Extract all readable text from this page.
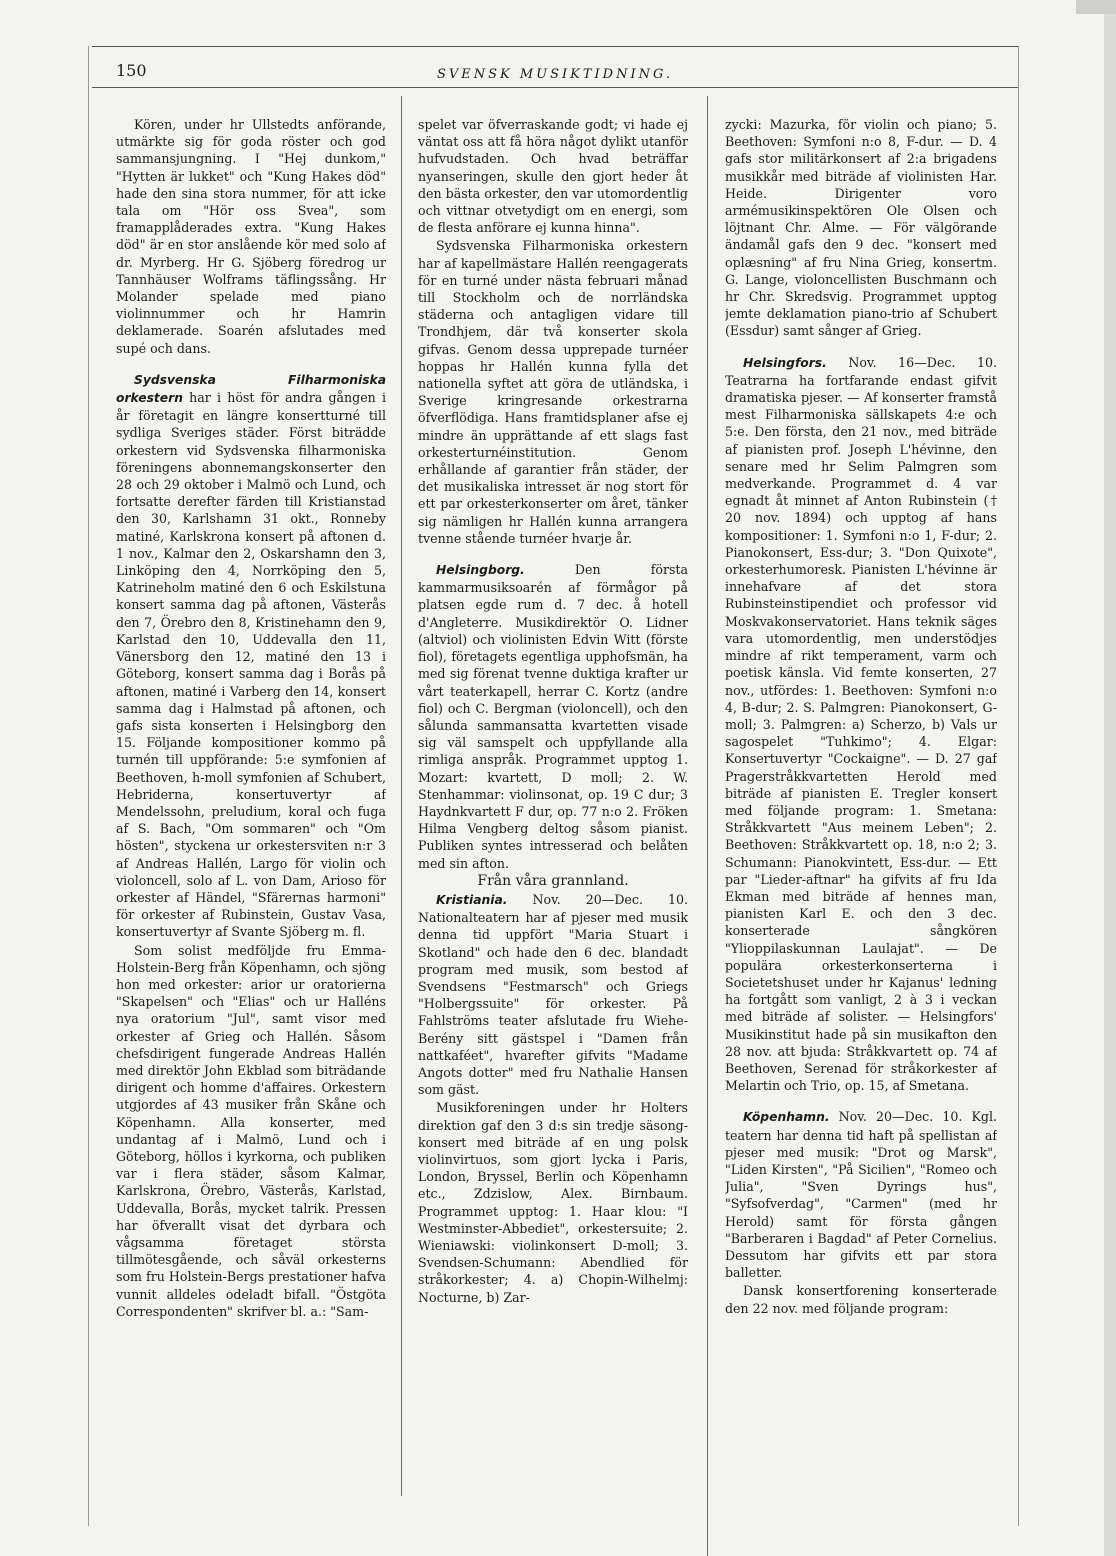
150	SVENSK MUSIKTIDNING.

Kören, under hr Ullstedts anförande, utmärkte sig för goda röster och god sammansjungning. I "Hej dunkom," "Hytten är lukket" och "Kung Hakes död" hade den sina stora nummer, för att icke tala om "Hör oss Svea", som framapplåderades extra. "Kung Hakes död" är en stor anslående kör med solo af dr. Myrberg. Hr G. Sjöberg föredrog ur Tannhäuser Wolframs täflingssång. Hr Molander spelade med piano violinnummer och hr Hamrin deklamerade. Soarén afslutades med supé och dans.

Sydsvenska Filharmoniska orkestern har i höst för andra gången i år företagit en längre konsertturné till sydliga Sveriges städer. Först biträdde orkestern vid Sydsvenska filharmoniska föreningens abonnemangskonserter den 28 och 29 oktober i Malmö och Lund, och fortsatte derefter färden till Kristianstad den 30, Karlshamn 31 okt., Ronneby matiné, Karlskrona konsert på aftonen d. 1 nov., Kalmar den 2, Oskarshamn den 3, Linköping den 4, Norrköping den 5, Katrineholm matiné den 6 och Eskilstuna konsert samma dag på aftonen, Västerås den 7, Örebro den 8, Kristinehamn den 9, Karlstad den 10, Uddevalla den 11, Vänersborg den 12, matiné den 13 i Göteborg, konsert samma dag i Borås på aftonen, matiné i Varberg den 14, konsert samma dag i Halmstad på aftonen, och gafs sista konserten i Helsingborg den 15. Följande kompositioner kommo på turnén till uppförande: 5:e symfonien af Beethoven, h-moll symfonien af Schubert, Hebriderna, konsertuvertyr af Mendelssohn, preludium, koral och fuga af S. Bach, "Om sommaren" och "Om hösten", styckena ur orkestersviten n:r 3 af Andreas Hallén, Largo för violin och violoncell, solo af L. von Dam, Arioso för orkester af Händel, "Sfärernas harmoni" för orkester af Rubinstein, Gustav Vasa, konsertuvertyr af Svante Sjöberg m. fl.

Som solist medföljde fru Emma-Holstein-Berg från Köpenhamn, och sjöng hon med orkester: arior ur oratorierna "Skapelsen" och "Elias" och ur Halléns nya oratorium "Jul", samt visor med orkester af Grieg och Hallén. Såsom chefsdirigent fungerade Andreas Hallén med direktör John Ekblad som biträdande dirigent och homme d'affaires. Orkestern utgjordes af 43 musiker från Skåne och Köpenhamn. Alla konserter, med undantag af i Malmö, Lund och i Göteborg, höllos i kyrkorna, och publiken var i flera städer, såsom Kalmar, Karlskrona, Örebro, Västerås, Karlstad, Uddevalla, Borås, mycket talrik. Pressen har öfverallt visat det dyrbara och vågsamma företaget största tillmötesgående, och såväl orkesterns som fru Holstein-Bergs prestationer hafva vunnit alldeles odeladt bifall. "Östgöta Correspondenten" skrifver bl. a.: "Sam-

spelet var öfverraskande godt; vi hade ej väntat oss att få höra något dylikt utanför hufvudstaden. Och hvad beträffar nyanseringen, skulle den gjort heder åt den bästa orkester, den var utomordentlig och vittnar otvetydigt om en energi, som de flesta anförare ej kunna hinna".

Sydsvenska Filharmoniska orkestern har af kapellmästare Hallén reengagerats för en turné under nästa februari månad till Stockholm och de norrländska städerna och antagligen vidare till Trondhjem, där två konserter skola gifvas. Genom dessa upprepade turnéer hoppas hr Hallén kunna fylla det nationella syftet att göra de utländska, i Sverige kringresande orkestrarna öfverflödiga. Hans framtidsplaner afse ej mindre än upprättande af ett slags fast orkesterturnéinstitution. Genom erhållande af garantier från städer, der det musikaliska intresset är nog stort för ett par orkesterkonserter om året, tänker sig nämligen hr Hallén kunna arrangera tvenne stående turnéer hvarje år.

Helsingborg.	Den första kammarmusiksoarén af förmågor på platsen egde rum d. 7 dec. å hotell d'Angleterre. Musikdirektör O. Lidner (altviol) och violinisten Edvin Witt (förste fiol), företagets egentliga upphofsmän, ha med sig förenat tvenne duktiga krafter ur vårt teaterkapell, herrar C. Kortz (andre fiol) och C. Bergman (violoncell), och den sålunda sammansatta kvartetten visade sig väl samspelt och uppfyllande alla rimliga anspråk. Programmet upptog 1. Mozart: kvartett, D moll; 2. W. Stenhammar: violinsonat, op. 19 C dur; 3 Haydnkvartett F dur, op. 77 n:o 2. Fröken Hilma Vengberg deltog såsom pianist. Publiken syntes intresserad och belåten med sin afton.

Från våra grannland.

Kristiania. Nov. 20—Dec. 10. Nationalteatern har af pjeser med musik denna tid uppfört "Maria Stuart i Skotland" och hade den 6 dec. blandadt program med musik, som bestod af Svendsens "Festmarsch" och Griegs "Holbergssuite" för orkester. På Fahlströms teater afslutade fru Wiehe-Berény sitt gästspel i "Damen från nattkaféet", hvarefter gifvits "Madame Angots dotter" med fru Nathalie Hansen som gäst.

Musikforeningen under hr Holters direktion gaf den 3 d:s sin tredje säsong-konsert med biträde af en ung polsk violinvirtuos, som gjort lycka i Paris, London, Bryssel, Berlin och Köpenhamn etc., Zdzislow, Alex. Birnbaum. Programmet upptog: 1. Haar klou: "I Westminster-Abbediet", orkestersuite; 2. Wieniawski: violinkonsert D-moll; 3. Svendsen-Schumann: Abendlied för stråkorkester; 4. a) Chopin-Wilhelmj: Nocturne, b) Zar-

zycki: Mazurka, för violin och piano; 5. Beethoven: Symfoni n:o 8, F-dur. — D. 4 gafs stor militärkonsert af 2:a brigadens musikkår med biträde af violinisten Har. Heide. Dirigenter voro armémusikinspektören Ole Olsen och löjtnant Chr. Alme. — För välgörande ändamål gafs den 9 dec. "konsert med oplæsning" af fru Nina Grieg, konsertm. G. Lange, violoncellisten Buschmann och hr Chr. Skredsvig. Programmet upptog jemte deklamation piano-trio af Schubert (Essdur) samt sånger af Grieg.

Helsingfors. Nov. 16—Dec. 10. Teatrarna ha fortfarande endast gifvit dramatiska pjeser. — Af konserter framstå mest Filharmoniska sällskapets 4:e och 5:e. Den första, den 21 nov., med biträde af pianisten prof. Joseph L'hévinne, den senare med hr Selim Palmgren som medverkande. Programmet d. 4 var egnadt åt minnet af Anton Rubinstein († 20 nov. 1894) och upptog af hans kompositioner: 1. Symfoni n:o 1, F-dur; 2. Pianokonsert, Ess-dur; 3. "Don Quixote", orkesterhumoresk. Pianisten L'hévinne är innehafvare af det stora Rubinsteinstipendiet och professor vid Moskvakonservatoriet. Hans teknik säges vara utomordentlig, men understödjes mindre af rikt temperament, varm och poetisk känsla. Vid femte konserten, 27 nov., utfördes: 1. Beethoven: Symfoni n:o 4, B-dur; 2. S. Palmgren: Pianokonsert, G-moll; 3. Palmgren: a) Scherzo, b) Vals ur sagospelet "Tuhkimo"; 4. Elgar: Konsertuvertyr "Cockaigne". — D. 27 gaf Pragerstråkkvartetten Herold med biträde af pianisten E. Tregler konsert med följande program: 1. Smetana: Stråkkvartett "Aus meinem Leben"; 2. Beethoven: Stråkkvartett op. 18, n:o 2; 3. Schumann: Pianokvintett, Ess-dur. — Ett par "Lieder-aftnar" ha gifvits af fru Ida Ekman med biträde af hennes man, pianisten Karl E. och den 3 dec. konserterade sångkören "Ylioppilaskunnan Laulajat". — De populära orkesterkonserterna i Societetshuset under hr Kajanus' ledning ha fortgått som vanligt, 2 à 3 i veckan med biträde af solister. — Helsingfors' Musikinstitut hade på sin musikafton den 28 nov. att bjuda: Stråkkvartett op. 74 af Beethoven, Serenad för stråkorkester af Melartin och Trio, op. 15, af Smetana.

Köpenhamn. Nov. 20—Dec. 10. Kgl. teatern har denna tid haft på spellistan af pjeser med musik: "Drot og Marsk", "Liden Kirsten", "På Sicilien", "Romeo och Julia", "Sven Dyrings hus", "Syfsofverdag", "Carmen" (med hr Herold) samt för första gången "Barberaren i Bagdad" af Peter Cornelius. Dessutom har gifvits ett par stora balletter.

Dansk konsertforening konserterade den 22 nov. med följande program:
